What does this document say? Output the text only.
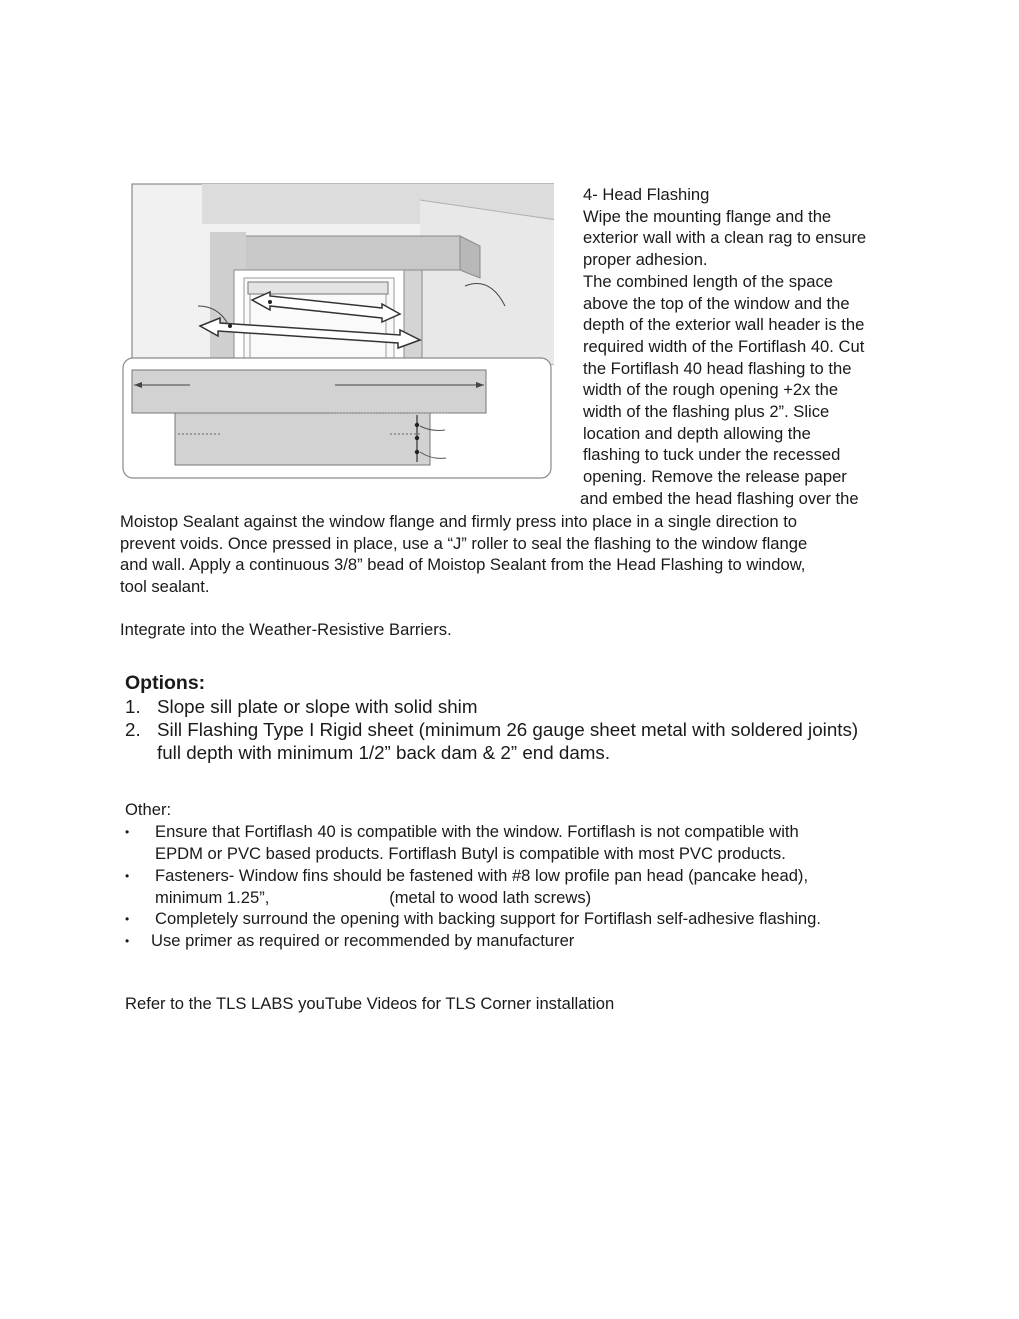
4- Head Flashing
Wipe the mounting flange and the
exterior wall with a clean rag to ensure
proper adhesion.
The combined length of the space
above the top of the window and the
depth of the exterior wall header is the
required width of the Fortiflash 40. Cut
the Fortiflash 40 head flashing to the
width of the rough opening +2x the
width of the flashing plus 2”. Slice
location and depth allowing the
flashing to tuck under the recessed
opening. Remove the release paper
and embed the head flashing over the
Moistop Sealant against the window flange and firmly press into place in a single direction to
prevent voids. Once pressed in place, use a “J” roller to seal the flashing to the window flange
and wall. Apply a continuous 3/8” bead of Moistop Sealant from the Head Flashing to window,
tool sealant.
Integrate into the Weather-Resistive Barriers.
Options:
1. Slope sill plate or slope with solid shim
2. Sill Flashing Type I Rigid sheet (minimum 26 gauge sheet metal with soldered joints)
full depth with minimum 1/2” back dam & 2” end dams.
Other:
• Ensure that Fortiflash 40 is compatible with the window. Fortiflash is not compatible with
EPDM or PVC based products. Fortiflash Butyl is compatible with most PVC products.
• Fasteners- Window fins should be fastened with #8 low profile pan head (pancake head),
minimum 1.25”,                          (metal to wood lath screws)
• Completely surround the opening with backing support for Fortiflash self-adhesive flashing.
• Use primer as required or recommended by manufacturer
Refer to the TLS LABS youTube Videos for TLS Corner installation
